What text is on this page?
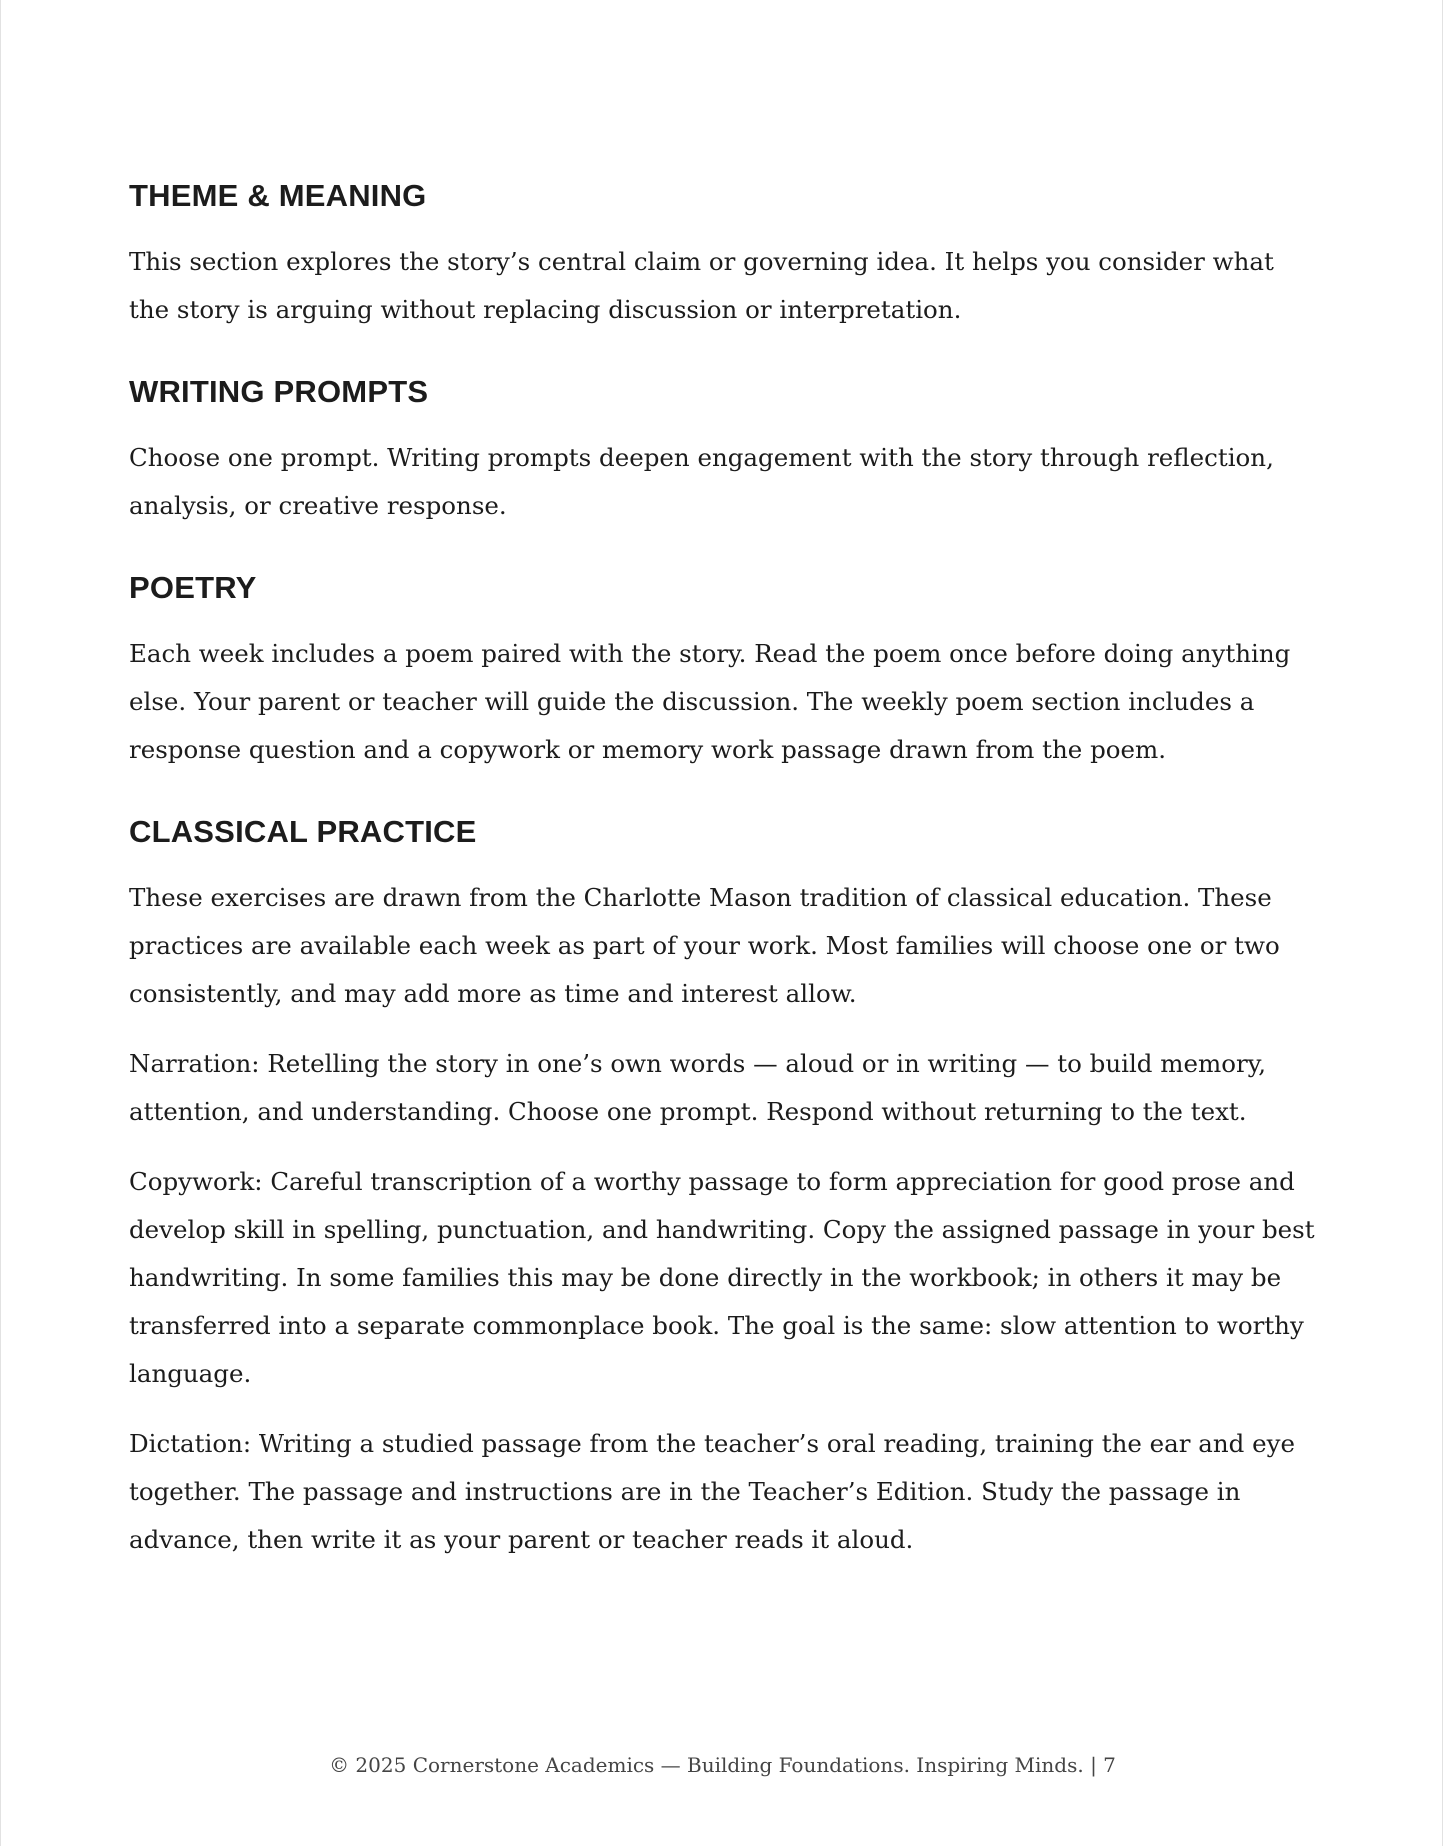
THEME & MEANING

This section explores the story’s central claim or governing idea. It helps you consider what the story is arguing without replacing discussion or interpretation.

WRITING PROMPTS

Choose one prompt. Writing prompts deepen engagement with the story through reflection, analysis, or creative response.

POETRY

Each week includes a poem paired with the story. Read the poem once before doing anything else. Your parent or teacher will guide the discussion. The weekly poem section includes a response question and a copywork or memory work passage drawn from the poem.

CLASSICAL PRACTICE

These exercises are drawn from the Charlotte Mason tradition of classical education. These practices are available each week as part of your work. Most families will choose one or two consistently, and may add more as time and interest allow.

Narration: Retelling the story in one’s own words — aloud or in writing — to build memory, attention, and understanding. Choose one prompt. Respond without returning to the text.

Copywork: Careful transcription of a worthy passage to form appreciation for good prose and develop skill in spelling, punctuation, and handwriting. Copy the assigned passage in your best handwriting. In some families this may be done directly in the workbook; in others it may be transferred into a separate commonplace book. The goal is the same: slow attention to worthy language.

Dictation: Writing a studied passage from the teacher’s oral reading, training the ear and eye together. The passage and instructions are in the Teacher’s Edition. Study the passage in advance, then write it as your parent or teacher reads it aloud.

© 2025 Cornerstone Academics — Building Foundations. Inspiring Minds. | 7
